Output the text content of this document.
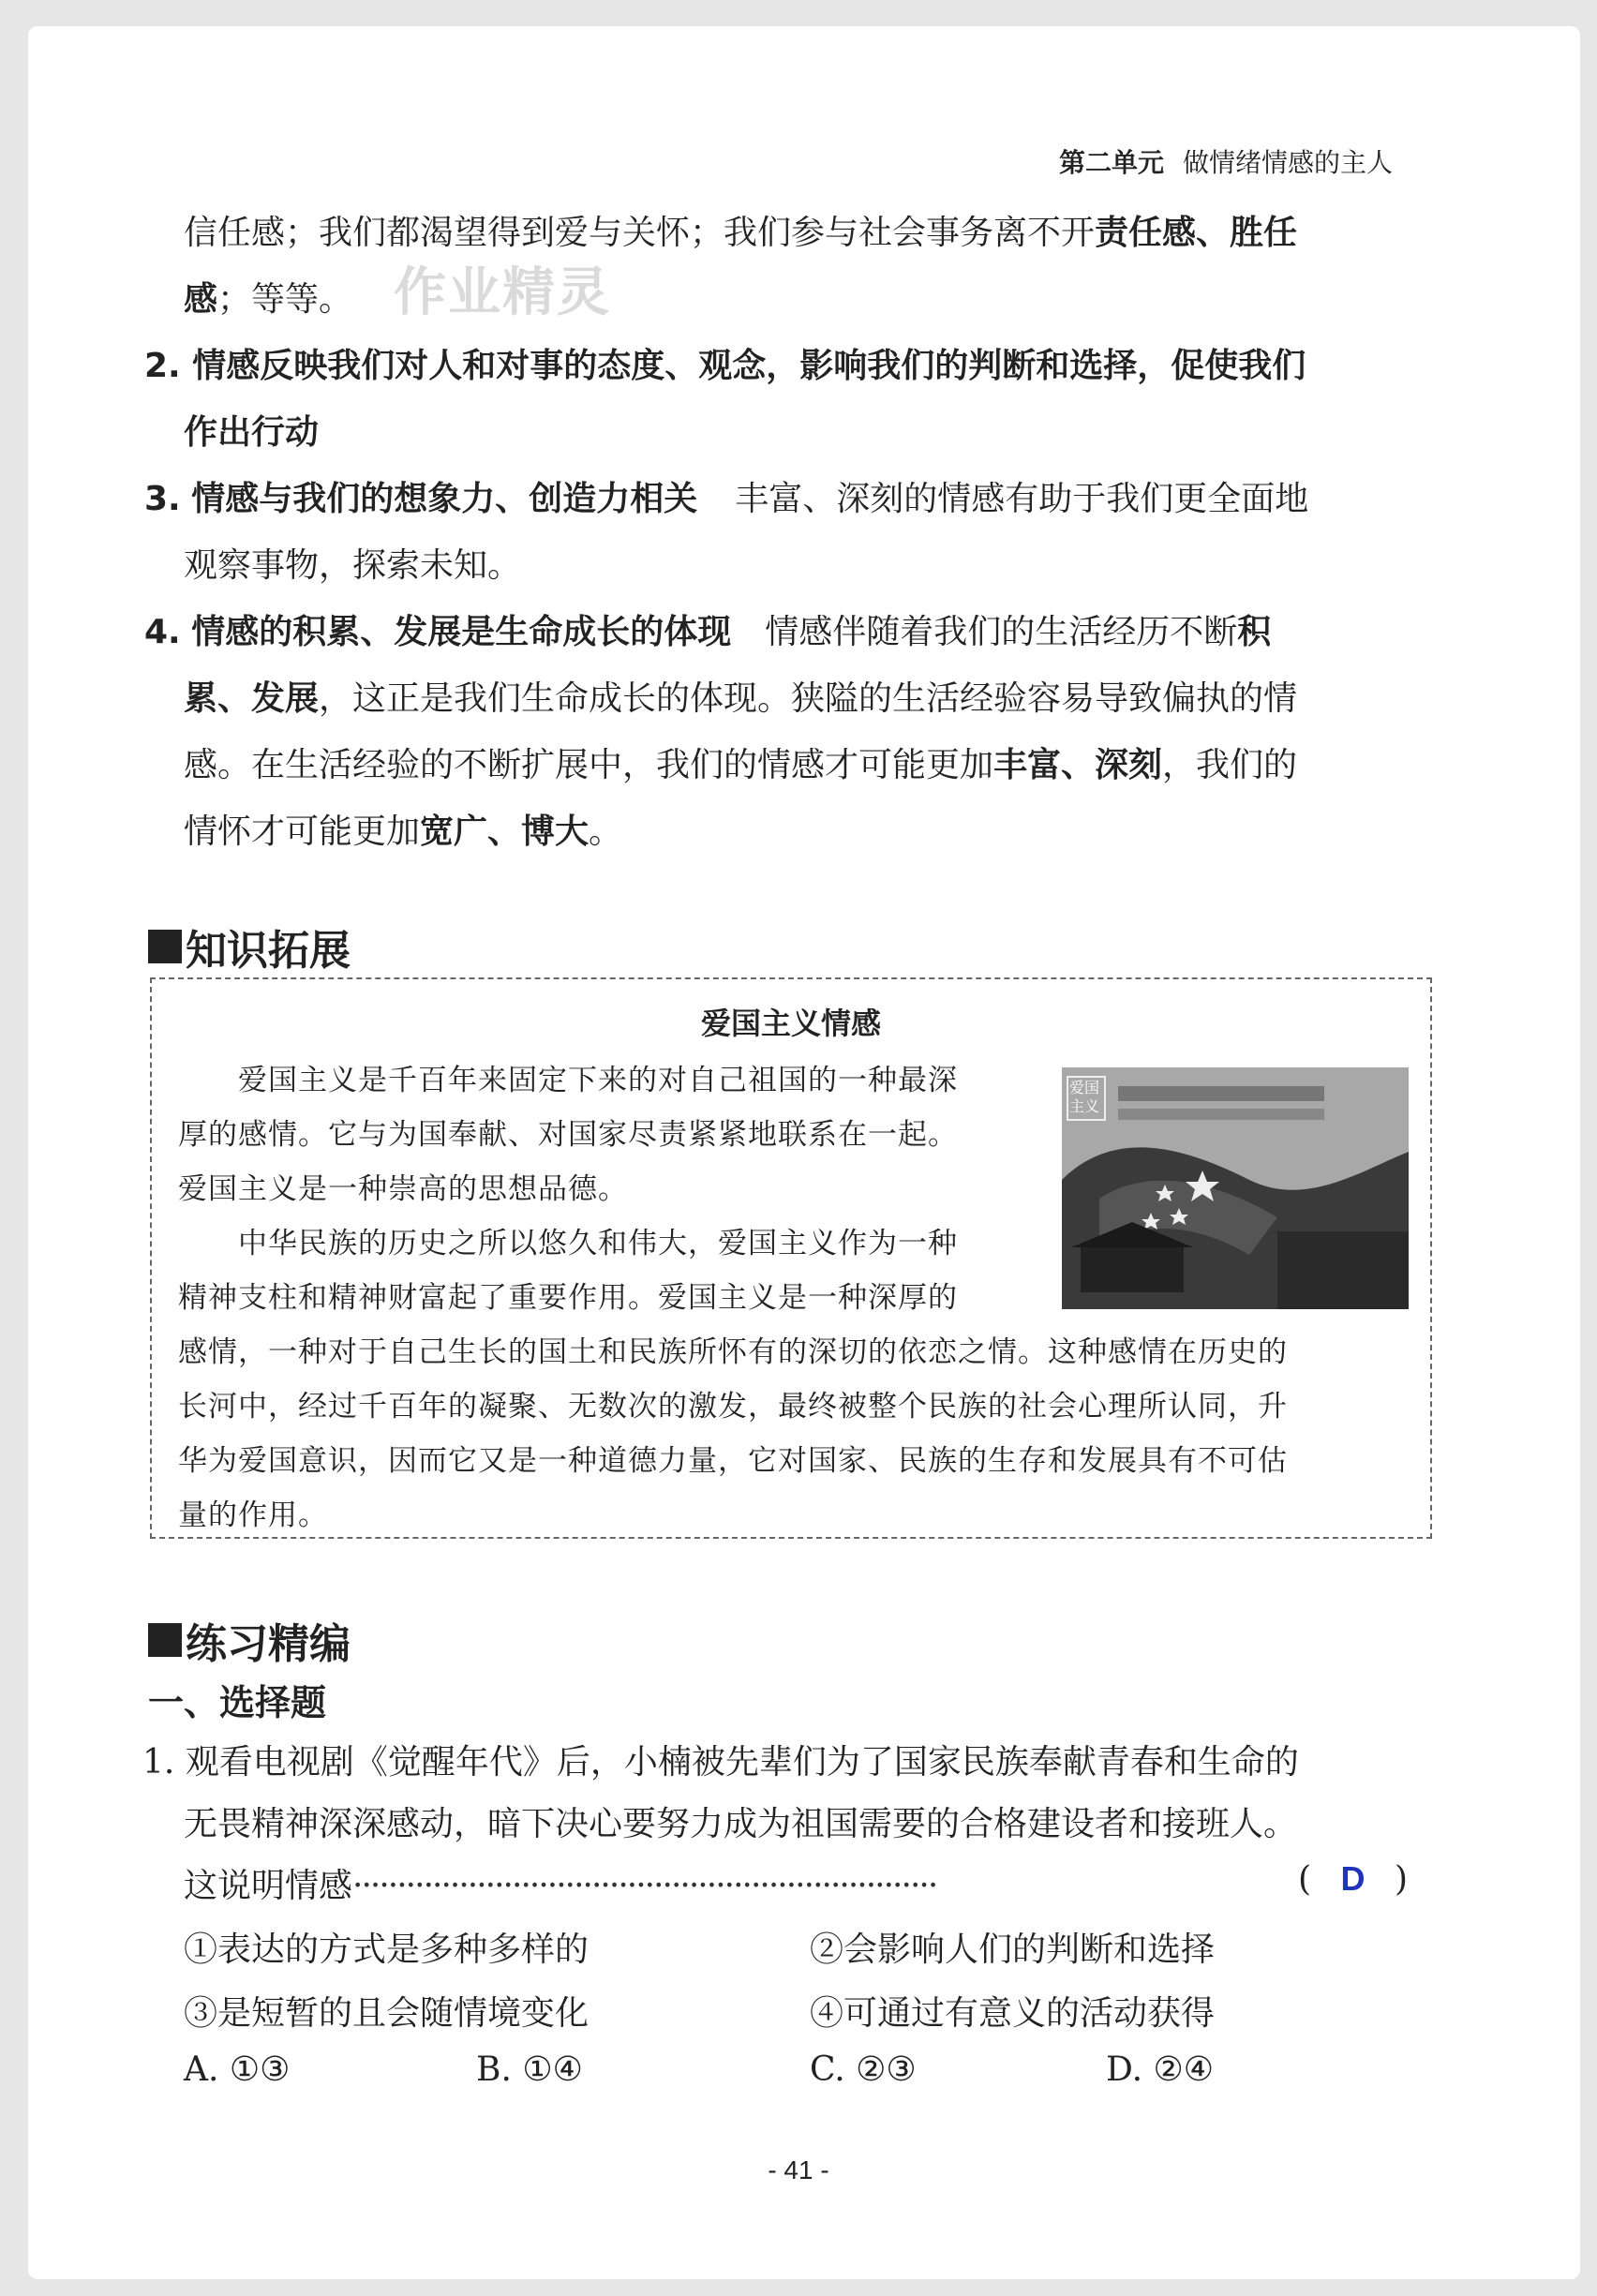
第二单元 做情绪情感的主人
信任感；我们都渴望得到爱与关怀；我们参与社会事务离不开责任感、胜任
感；等等。 作业精灵
2. 情感反映我们对人和对事的态度、观念，影响我们的判断和选择，促使我们
作出行动
3. 情感与我们的想象力、创造力相关 丰富、深刻的情感有助于我们更全面地
观察事物，探索未知。
4. 情感的积累、发展是生命成长的体现 情感伴随着我们的生活经历不断积
累、发展，这正是我们生命成长的体现。狭隘的生活经验容易导致偏执的情
感。在生活经验的不断扩展中，我们的情感才可能更加丰富、深刻，我们的
情怀才可能更加宽广、博大。
知识拓展
爱国主义情感
爱国主义是千百年来固定下来的对自己祖国的一种最深
厚的感情。它与为国奉献、对国家尽责紧紧地联系在一起。
爱国主义是一种崇高的思想品德。
中华民族的历史之所以悠久和伟大，爱国主义作为一种
精神支柱和精神财富起了重要作用。爱国主义是一种深厚的
感情，一种对于自己生长的国土和民族所怀有的深切的依恋之情。这种感情在历史的
长河中，经过千百年的凝聚、无数次的激发，最终被整个民族的社会心理所认同，升
华为爱国意识，因而它又是一种道德力量，它对国家、民族的生存和发展具有不可估
量的作用。
爱国主义
练习精编
一、选择题
1. 观看电视剧《觉醒年代》后，小楠被先辈们为了国家民族奉献青春和生命的
无畏精神深深感动，暗下决心要努力成为祖国需要的合格建设者和接班人。
这说明情感··································································	( D )
①表达的方式是多种多样的	②会影响人们的判断和选择
③是短暂的且会随情境变化	④可通过有意义的活动获得
A. ①③	B. ①④	C. ②③	D. ②④
- 41 -
